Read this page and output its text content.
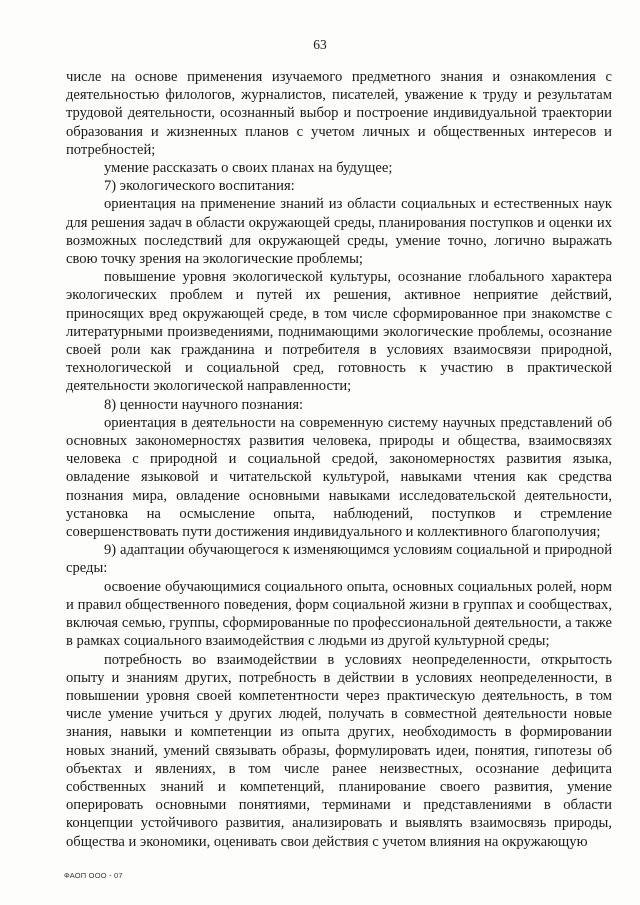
63

числе на основе применения изучаемого предметного знания и ознакомления с деятельностью филологов, журналистов, писателей, уважение к труду и результатам трудовой деятельности, осознанный выбор и построение индивидуальной траектории образования и жизненных планов с учетом личных и общественных интересов и потребностей;

умение рассказать о своих планах на будущее;

7) экологического воспитания:

ориентация на применение знаний из области социальных и естественных наук для решения задач в области окружающей среды, планирования поступков и оценки их возможных последствий для окружающей среды, умение точно, логично выражать свою точку зрения на экологические проблемы;

повышение уровня экологической культуры, осознание глобального характера экологических проблем и путей их решения, активное неприятие действий, приносящих вред окружающей среде, в том числе сформированное при знакомстве с литературными произведениями, поднимающими экологические проблемы, осознание своей роли как гражданина и потребителя в условиях взаимосвязи природной, технологической и социальной сред, готовность к участию в практической деятельности экологической направленности;

8) ценности научного познания:

ориентация в деятельности на современную систему научных представлений об основных закономерностях развития человека, природы и общества, взаимосвязях человека с природной и социальной средой, закономерностях развития языка, овладение языковой и читательской культурой, навыками чтения как средства познания мира, овладение основными навыками исследовательской деятельности, установка на осмысление опыта, наблюдений, поступков и стремление совершенствовать пути достижения индивидуального и коллективного благополучия;

9) адаптации обучающегося к изменяющимся условиям социальной и природной среды:

освоение обучающимися социального опыта, основных социальных ролей, норм и правил общественного поведения, форм социальной жизни в группах и сообществах, включая семью, группы, сформированные по профессиональной деятельности, а также в рамках социального взаимодействия с людьми из другой культурной среды;

потребность во взаимодействии в условиях неопределенности, открытость опыту и знаниям других, потребность в действии в условиях неопределенности, в повышении уровня своей компетентности через практическую деятельность, в том числе умение учиться у других людей, получать в совместной деятельности новые знания, навыки и компетенции из опыта других, необходимость в формировании новых знаний, умений связывать образы, формулировать идеи, понятия, гипотезы об объектах и явлениях, в том числе ранее неизвестных, осознание дефицита собственных знаний и компетенций, планирование своего развития, умение оперировать основными понятиями, терминами и представлениями в области концепции устойчивого развития, анализировать и выявлять взаимосвязь природы, общества и экономики, оценивать свои действия с учетом влияния на окружающую

ФАОП ООО - 07
